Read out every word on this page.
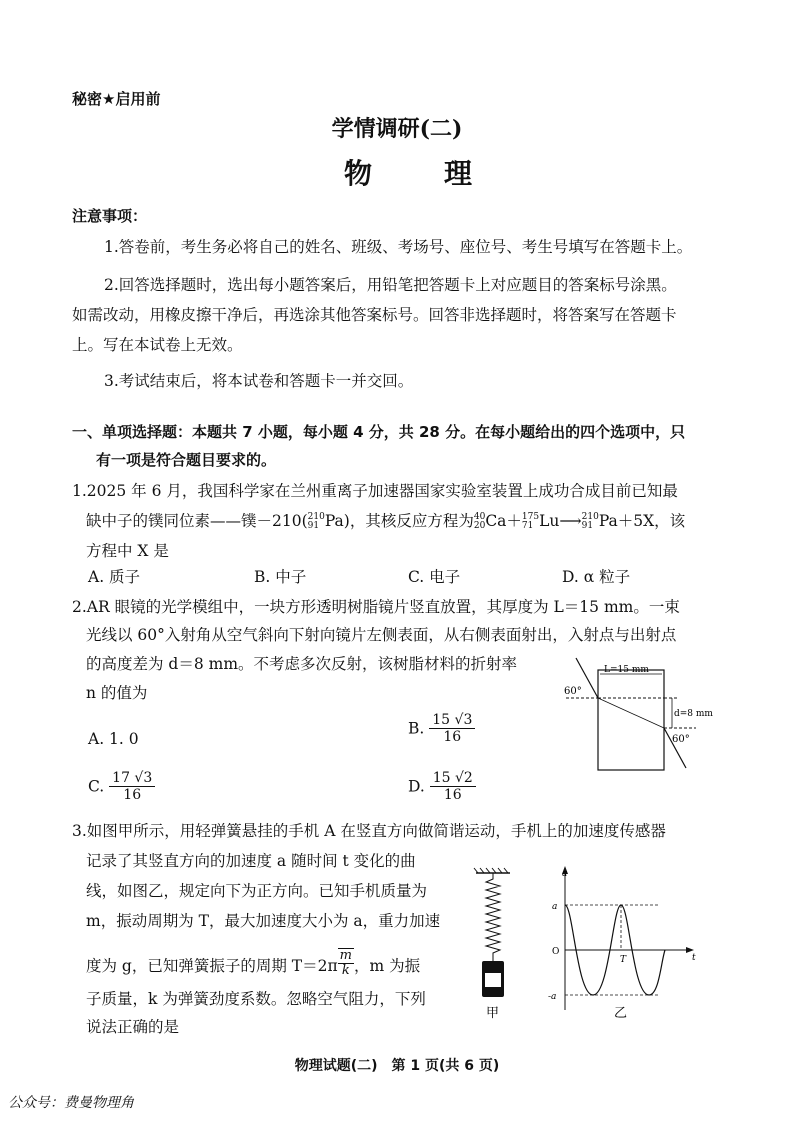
秘密★启用前
学情调研(二)
物　理
注意事项：
1.答卷前，考生务必将自己的姓名、班级、考场号、座位号、考生号填写在答题卡上。
2.回答选择题时，选出每小题答案后，用铅笔把答题卡上对应题目的答案标号涂黑。
如需改动，用橡皮擦干净后，再选涂其他答案标号。回答非选择题时，将答案写在答题卡
上。写在本试卷上无效。
3.考试结束后，将本试卷和答题卡一并交回。
一、单项选择题：本题共 7 小题，每小题 4 分，共 28 分。在每小题给出的四个选项中，只
有一项是符合题目要求的。
1.2025 年 6 月，我国科学家在兰州重离子加速器国家实验室装置上成功合成目前已知最
缺中子的镤同位素——镤－210( 210
91 Pa)，其核反应方程为 40
20 Ca＋ 175
71 Lu⟶ 210
91 Pa＋5X，该
方程中 X 是
A. 质子	B. 中子	C. 电子	D. α 粒子
2.AR 眼镜的光学模组中，一块方形透明树脂镜片竖直放置，其厚度为 L＝15 mm。一束
光线以 60°入射角从空气斜向下射向镜片左侧表面，从右侧表面射出，入射点与出射点
的高度差为 d＝8 mm。不考虑多次反射，该树脂材料的折射率
n 的值为
L=15 mm
d=8 mm
60°
60°
A. 1. 0
B. $\frac{15 √3}{16}$
C. $\frac{17 √3}{16}$	D. $\frac{15 √2}{16}$
3.如图甲所示，用轻弹簧悬挂的手机 A 在竖直方向做简谐运动，手机上的加速度传感器
记录了其竖直方向的加速度 a 随时间 t 变化的曲
线，如图乙，规定向下为正方向。已知手机质量为
m，振动周期为 T，最大加速度大小为 a，重力加速
度为 g，已知弹簧振子的周期 $T=2\pi \frac{m}{k}$ ，m 为振
子质量，k 为弹簧劲度系数。忽略空气阻力，下列
说法正确的是
甲
a
t
a
O
-a
T
乙
物理试题(二)　第 1 页(共 6 页)
公众号：费曼物理角
